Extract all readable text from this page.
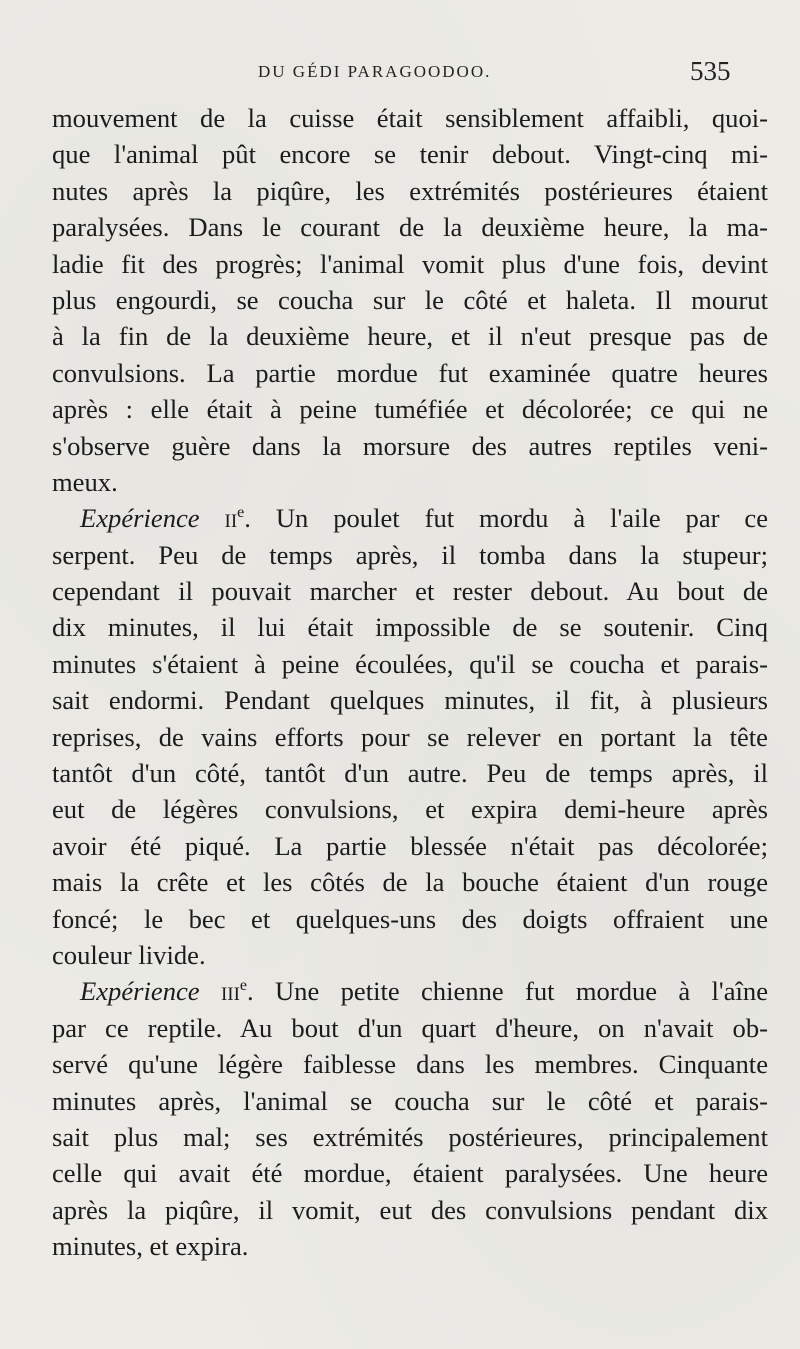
DU GÉDI PARAGOODOO.	535
mouvement de la cuisse était sensiblement affaibli, quoi-
que l'animal pût encore se tenir debout. Vingt-cinq mi-
nutes après la piqûre, les extrémités postérieures étaient
paralysées. Dans le courant de la deuxième heure, la ma-
ladie fit des progrès; l'animal vomit plus d'une fois, devint
plus engourdi, se coucha sur le côté et haleta. Il mourut
à la fin de la deuxième heure, et il n'eut presque pas de
convulsions. La partie mordue fut examinée quatre heures
après : elle était à peine tuméfiée et décolorée; ce qui ne
s'observe guère dans la morsure des autres reptiles veni-
meux.
Expérience $ii^e$. Un poulet fut mordu à l'aile par ce
serpent. Peu de temps après, il tomba dans la stupeur;
cependant il pouvait marcher et rester debout. Au bout de
dix minutes, il lui était impossible de se soutenir. Cinq
minutes s'étaient à peine écoulées, qu'il se coucha et parais-
sait endormi. Pendant quelques minutes, il fit, à plusieurs
reprises, de vains efforts pour se relever en portant la tête
tantôt d'un côté, tantôt d'un autre. Peu de temps après, il
eut de légères convulsions, et expira demi-heure après
avoir été piqué. La partie blessée n'était pas décolorée;
mais la crête et les côtés de la bouche étaient d'un rouge
foncé; le bec et quelques-uns des doigts offraient une
couleur livide.
Expérience iii$^e$. Une petite chienne fut mordue à l'aîne
par ce reptile. Au bout d'un quart d'heure, on n'avait ob-
servé qu'une légère faiblesse dans les membres. Cinquante
minutes après, l'animal se coucha sur le côté et parais-
sait plus mal; ses extrémités postérieures, principalement
celle qui avait été mordue, étaient paralysées. Une heure
après la piqûre, il vomit, eut des convulsions pendant dix
minutes, et expira.
